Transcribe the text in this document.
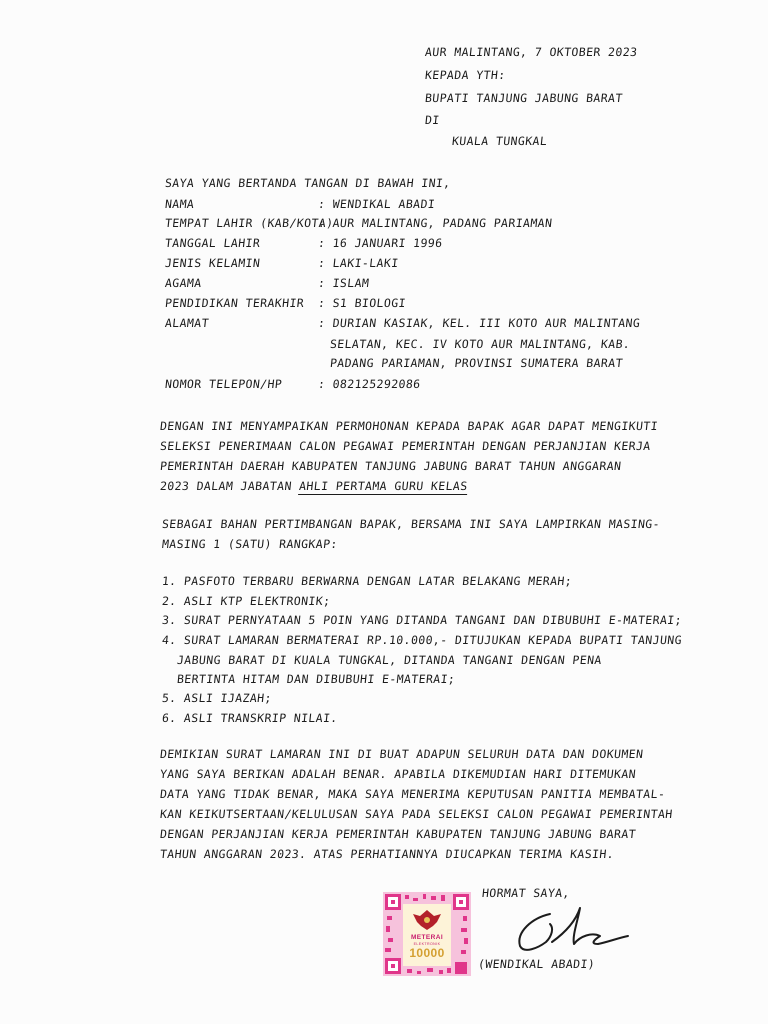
AUR MALINTANG, 7 OKTOBER 2023
KEPADA YTH:
BUPATI TANJUNG JABUNG BARAT
DI
KUALA TUNGKAL
SAYA YANG BERTANDA TANGAN DI BAWAH INI,
NAMA	: WENDIKAL ABADI
TEMPAT LAHIR (KAB/KOTA)
: AUR MALINTANG, PADANG PARIAMAN
TANGGAL LAHIR	: 16 JANUARI 1996
JENIS KELAMIN	: LAKI-LAKI
AGAMA	: ISLAM
PENDIDIKAN TERAKHIR	: S1 BIOLOGI
ALAMAT	: DURIAN KASIAK, KEL. III KOTO AUR MALINTANG
SELATAN, KEC. IV KOTO AUR MALINTANG, KAB.
PADANG PARIAMAN, PROVINSI SUMATERA BARAT
NOMOR TELEPON/HP	: 082125292086
DENGAN INI MENYAMPAIKAN PERMOHONAN KEPADA BAPAK AGAR DAPAT MENGIKUTI
SELEKSI PENERIMAAN CALON PEGAWAI PEMERINTAH DENGAN PERJANJIAN KERJA
PEMERINTAH DAERAH KABUPATEN TANJUNG JABUNG BARAT TAHUN ANGGARAN
2023 DALAM JABATAN AHLI PERTAMA GURU KELAS
SEBAGAI BAHAN PERTIMBANGAN BAPAK, BERSAMA INI SAYA LAMPIRKAN MASING-
MASING 1 (SATU) RANGKAP:
1. PASFOTO TERBARU BERWARNA DENGAN LATAR BELAKANG MERAH;
2. ASLI KTP ELEKTRONIK;
3. SURAT PERNYATAAN 5 POIN YANG DITANDA TANGANI DAN DIBUBUHI E-MATERAI;
4. SURAT LAMARAN BERMATERAI RP.10.000,- DITUJUKAN KEPADA BUPATI TANJUNG
JABUNG BARAT DI KUALA TUNGKAL, DITANDA TANGANI DENGAN PENA
BERTINTA HITAM DAN DIBUBUHI E-MATERAI;
5. ASLI IJAZAH;
6. ASLI TRANSKRIP NILAI.
DEMIKIAN SURAT LAMARAN INI DI BUAT ADAPUN SELURUH DATA DAN DOKUMEN
YANG SAYA BERIKAN ADALAH BENAR. APABILA DIKEMUDIAN HARI DITEMUKAN
DATA YANG TIDAK BENAR, MAKA SAYA MENERIMA KEPUTUSAN PANITIA MEMBATAL-
KAN KEIKUTSERTAAN/KELULUSAN SAYA PADA SELEKSI CALON PEGAWAI PEMERINTAH
DENGAN PERJANJIAN KERJA PEMERINTAH KABUPATEN TANJUNG JABUNG BARAT
TAHUN ANGGARAN 2023. ATAS PERHATIANNYA DIUCAPKAN TERIMA KASIH.
HORMAT SAYA,
METERAI
ELEKTRONIK
10000
(WENDIKAL ABADI)
